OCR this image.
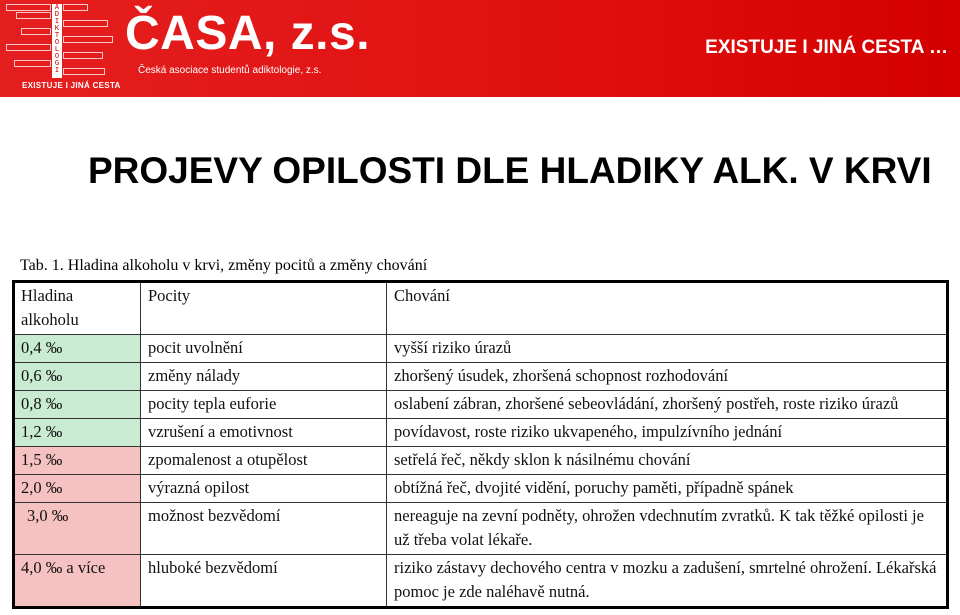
A
D
I
K
T
O
L
O
G
I
EXISTUJE I JINÁ CESTA
ČASA, z.s.
Česká asociace studentů adiktologie, z.s.
EXISTUJE I JINÁ CESTA …
PROJEVY OPILOSTI DLE HLADIKY ALK. V KRVI
Tab. 1. Hladina alkoholu v krvi, změny pocitů a změny chování
Hladina alkoholu	Pocity	Chování
0,4 ‰	pocit uvolnění	vyšší riziko úrazů
0,6 ‰	změny nálady	zhoršený úsudek, zhoršená schopnost rozhodování
0,8 ‰	pocity tepla euforie	oslabení zábran, zhoršené sebeovládání, zhoršený postřeh, roste riziko úrazů
1,2 ‰	vzrušení a emotivnost	povídavost, roste riziko ukvapeného, impulzívního jednání
1,5 ‰	zpomalenost a otupělost	setřelá řeč, někdy sklon k násilnému chování
2,0 ‰	výrazná opilost	obtížná řeč, dvojité vidění, poruchy paměti, případně spánek
3,0 ‰	možnost bezvědomí	nereaguje na zevní podněty, ohrožen vdechnutím zvratků. K tak těžké opilosti je už třeba volat lékaře.
4,0 ‰ a více	hluboké bezvědomí	riziko zástavy dechového centra v mozku a zadušení, smrtelné ohrožení. Lékařská pomoc je zde naléhavě nutná.
